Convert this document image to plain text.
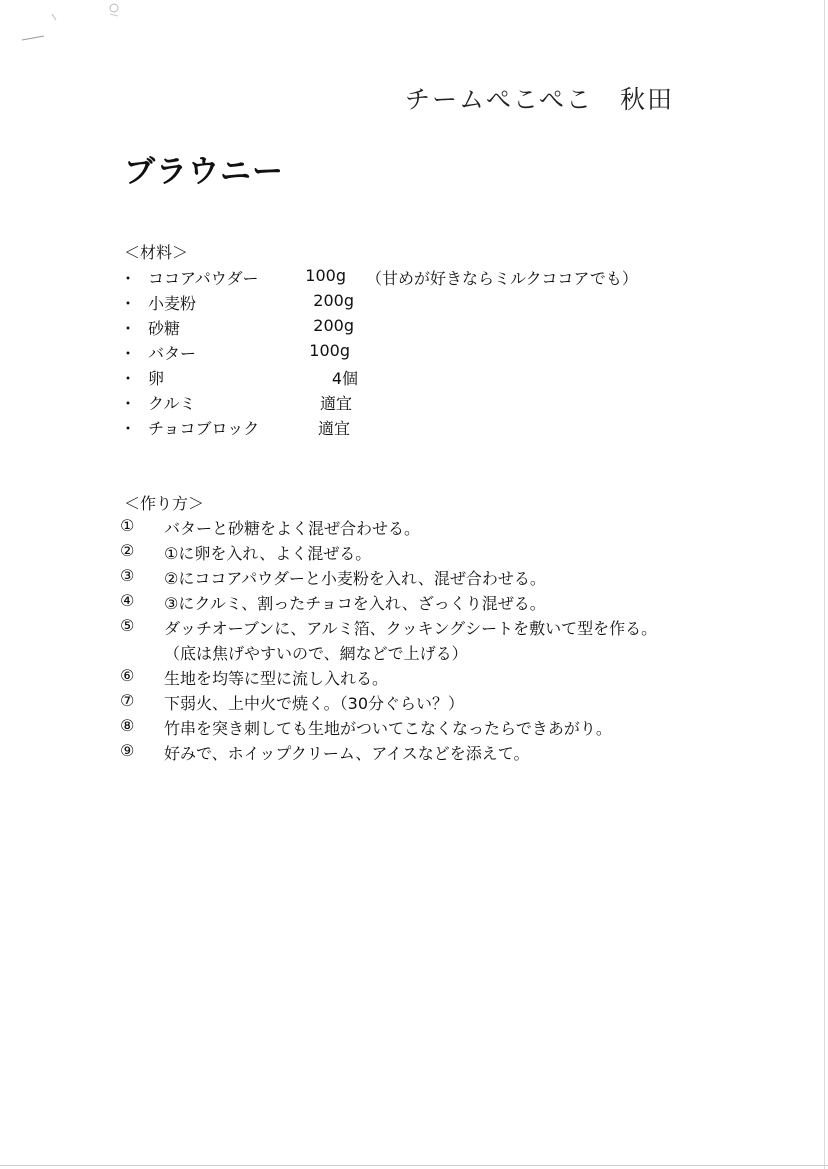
チームぺこぺこ　秋田
ブラウニー
＜材料＞
・ ココアパウダー	100g （甘めが好きならミルクココアでも）
・ 小麦粉	200g
・ 砂糖	200g
・ バター	100g
・ 卵	4個
・ クルミ	適宜
・ チョコブロック	適宜
＜作り方＞
①	バターと砂糖をよく混ぜ合わせる。
②	①に卵を入れ、よく混ぜる。
③	②にココアパウダーと小麦粉を入れ、混ぜ合わせる。
④	③にクルミ、割ったチョコを入れ、ざっくり混ぜる。
⑤	ダッチオーブンに、アルミ箔、クッキングシートを敷いて型を作る。
（底は焦げやすいので、網などで上げる）
⑥	生地を均等に型に流し入れる。
⑦	下弱火、上中火で焼く。（30分ぐらい？）
⑧	竹串を突き刺しても生地がついてこなくなったらできあがり。
⑨	好みで、ホイップクリーム、アイスなどを添えて。
